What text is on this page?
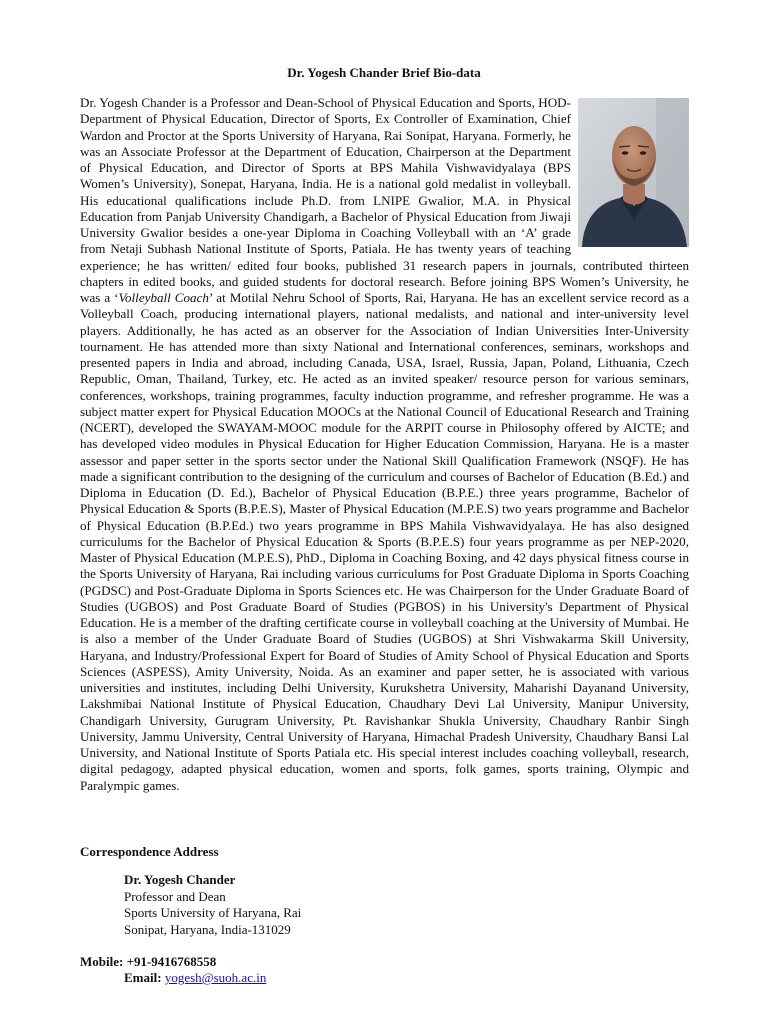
Dr. Yogesh Chander Brief Bio-data

Dr. Yogesh Chander is a Professor and Dean-School of Physical Education and Sports, HOD-Department of Physical Education, Director of Sports, Ex Controller of Examination, Chief Wardon and Proctor at the Sports University of Haryana, Rai Sonipat, Haryana. Formerly, he was an Associate Professor at the Department of Education, Chairperson at the Department of Physical Education, and Director of Sports at BPS Mahila Vishwavidyalaya (BPS Women’s University), Sonepat, Haryana, India. He is a national gold medalist in volleyball. His educational qualifications include Ph.D. from LNIPE Gwalior, M.A. in Physical Education from Panjab University Chandigarh, a Bachelor of Physical Education from Jiwaji University Gwalior besides a one-year Diploma in Coaching Volleyball with an ‘A’ grade from Netaji Subhash National Institute of Sports, Patiala. He has twenty years of teaching experience; he has written/ edited four books, published 31 research papers in journals, contributed thirteen chapters in edited books, and guided students for doctoral research. Before joining BPS Women’s University, he was a ‘Volleyball Coach’ at Motilal Nehru School of Sports, Rai, Haryana. He has an excellent service record as a Volleyball Coach, producing international players, national medalists, and national and inter-university level players. Additionally, he has acted as an observer for the Association of Indian Universities Inter-University tournament. He has attended more than sixty National and International conferences, seminars, workshops and presented papers in India and abroad, including Canada, USA, Israel, Russia, Japan, Poland, Lithuania, Czech Republic, Oman, Thailand, Turkey, etc. He acted as an invited speaker/ resource person for various seminars, conferences, workshops, training programmes, faculty induction programme, and refresher programme. He was a subject matter expert for Physical Education MOOCs at the National Council of Educational Research and Training (NCERT), developed the SWAYAM-MOOC module for the ARPIT course in Philosophy offered by AICTE; and has developed video modules in Physical Education for Higher Education Commission, Haryana. He is a master assessor and paper setter in the sports sector under the National Skill Qualification Framework (NSQF). He has made a significant contribution to the designing of the curriculum and courses of Bachelor of Education (B.Ed.) and Diploma in Education (D. Ed.), Bachelor of Physical Education (B.P.E.) three years programme, Bachelor of Physical Education & Sports (B.P.E.S), Master of Physical Education (M.P.E.S) two years programme and Bachelor of Physical Education (B.P.Ed.) two years programme in BPS Mahila Vishwavidyalaya. He has also designed curriculums for the Bachelor of Physical Education & Sports (B.P.E.S) four years programme as per NEP-2020, Master of Physical Education (M.P.E.S), PhD., Diploma in Coaching Boxing, and 42 days physical fitness course in the Sports University of Haryana, Rai including various curriculums for Post Graduate Diploma in Sports Coaching (PGDSC) and Post-Graduate Diploma in Sports Sciences etc. He was Chairperson for the Under Graduate Board of Studies (UGBOS) and Post Graduate Board of Studies (PGBOS) in his University's Department of Physical Education. He is a member of the drafting certificate course in volleyball coaching at the University of Mumbai. He is also a member of the Under Graduate Board of Studies (UGBOS) at Shri Vishwakarma Skill University, Haryana, and Industry/Professional Expert for Board of Studies of Amity School of Physical Education and Sports Sciences (ASPESS), Amity University, Noida. As an examiner and paper setter, he is associated with various universities and institutes, including Delhi University, Kurukshetra University, Maharishi Dayanand University, Lakshmibai National Institute of Physical Education, Chaudhary Devi Lal University, Manipur University, Chandigarh University, Gurugram University, Pt. Ravishankar Shukla University, Chaudhary Ranbir Singh University, Jammu University, Central University of Haryana, Himachal Pradesh University, Chaudhary Bansi Lal University, and National Institute of Sports Patiala etc. His special interest includes coaching volleyball, research, digital pedagogy, adapted physical education, women and sports, folk games, sports training, Olympic and Paralympic games.

Correspondence Address
Dr. Yogesh Chander
Professor and Dean
Sports University of Haryana, Rai
Sonipat, Haryana, India-131029
Mobile: +91-9416768558
Email: yogesh@suoh.ac.in
